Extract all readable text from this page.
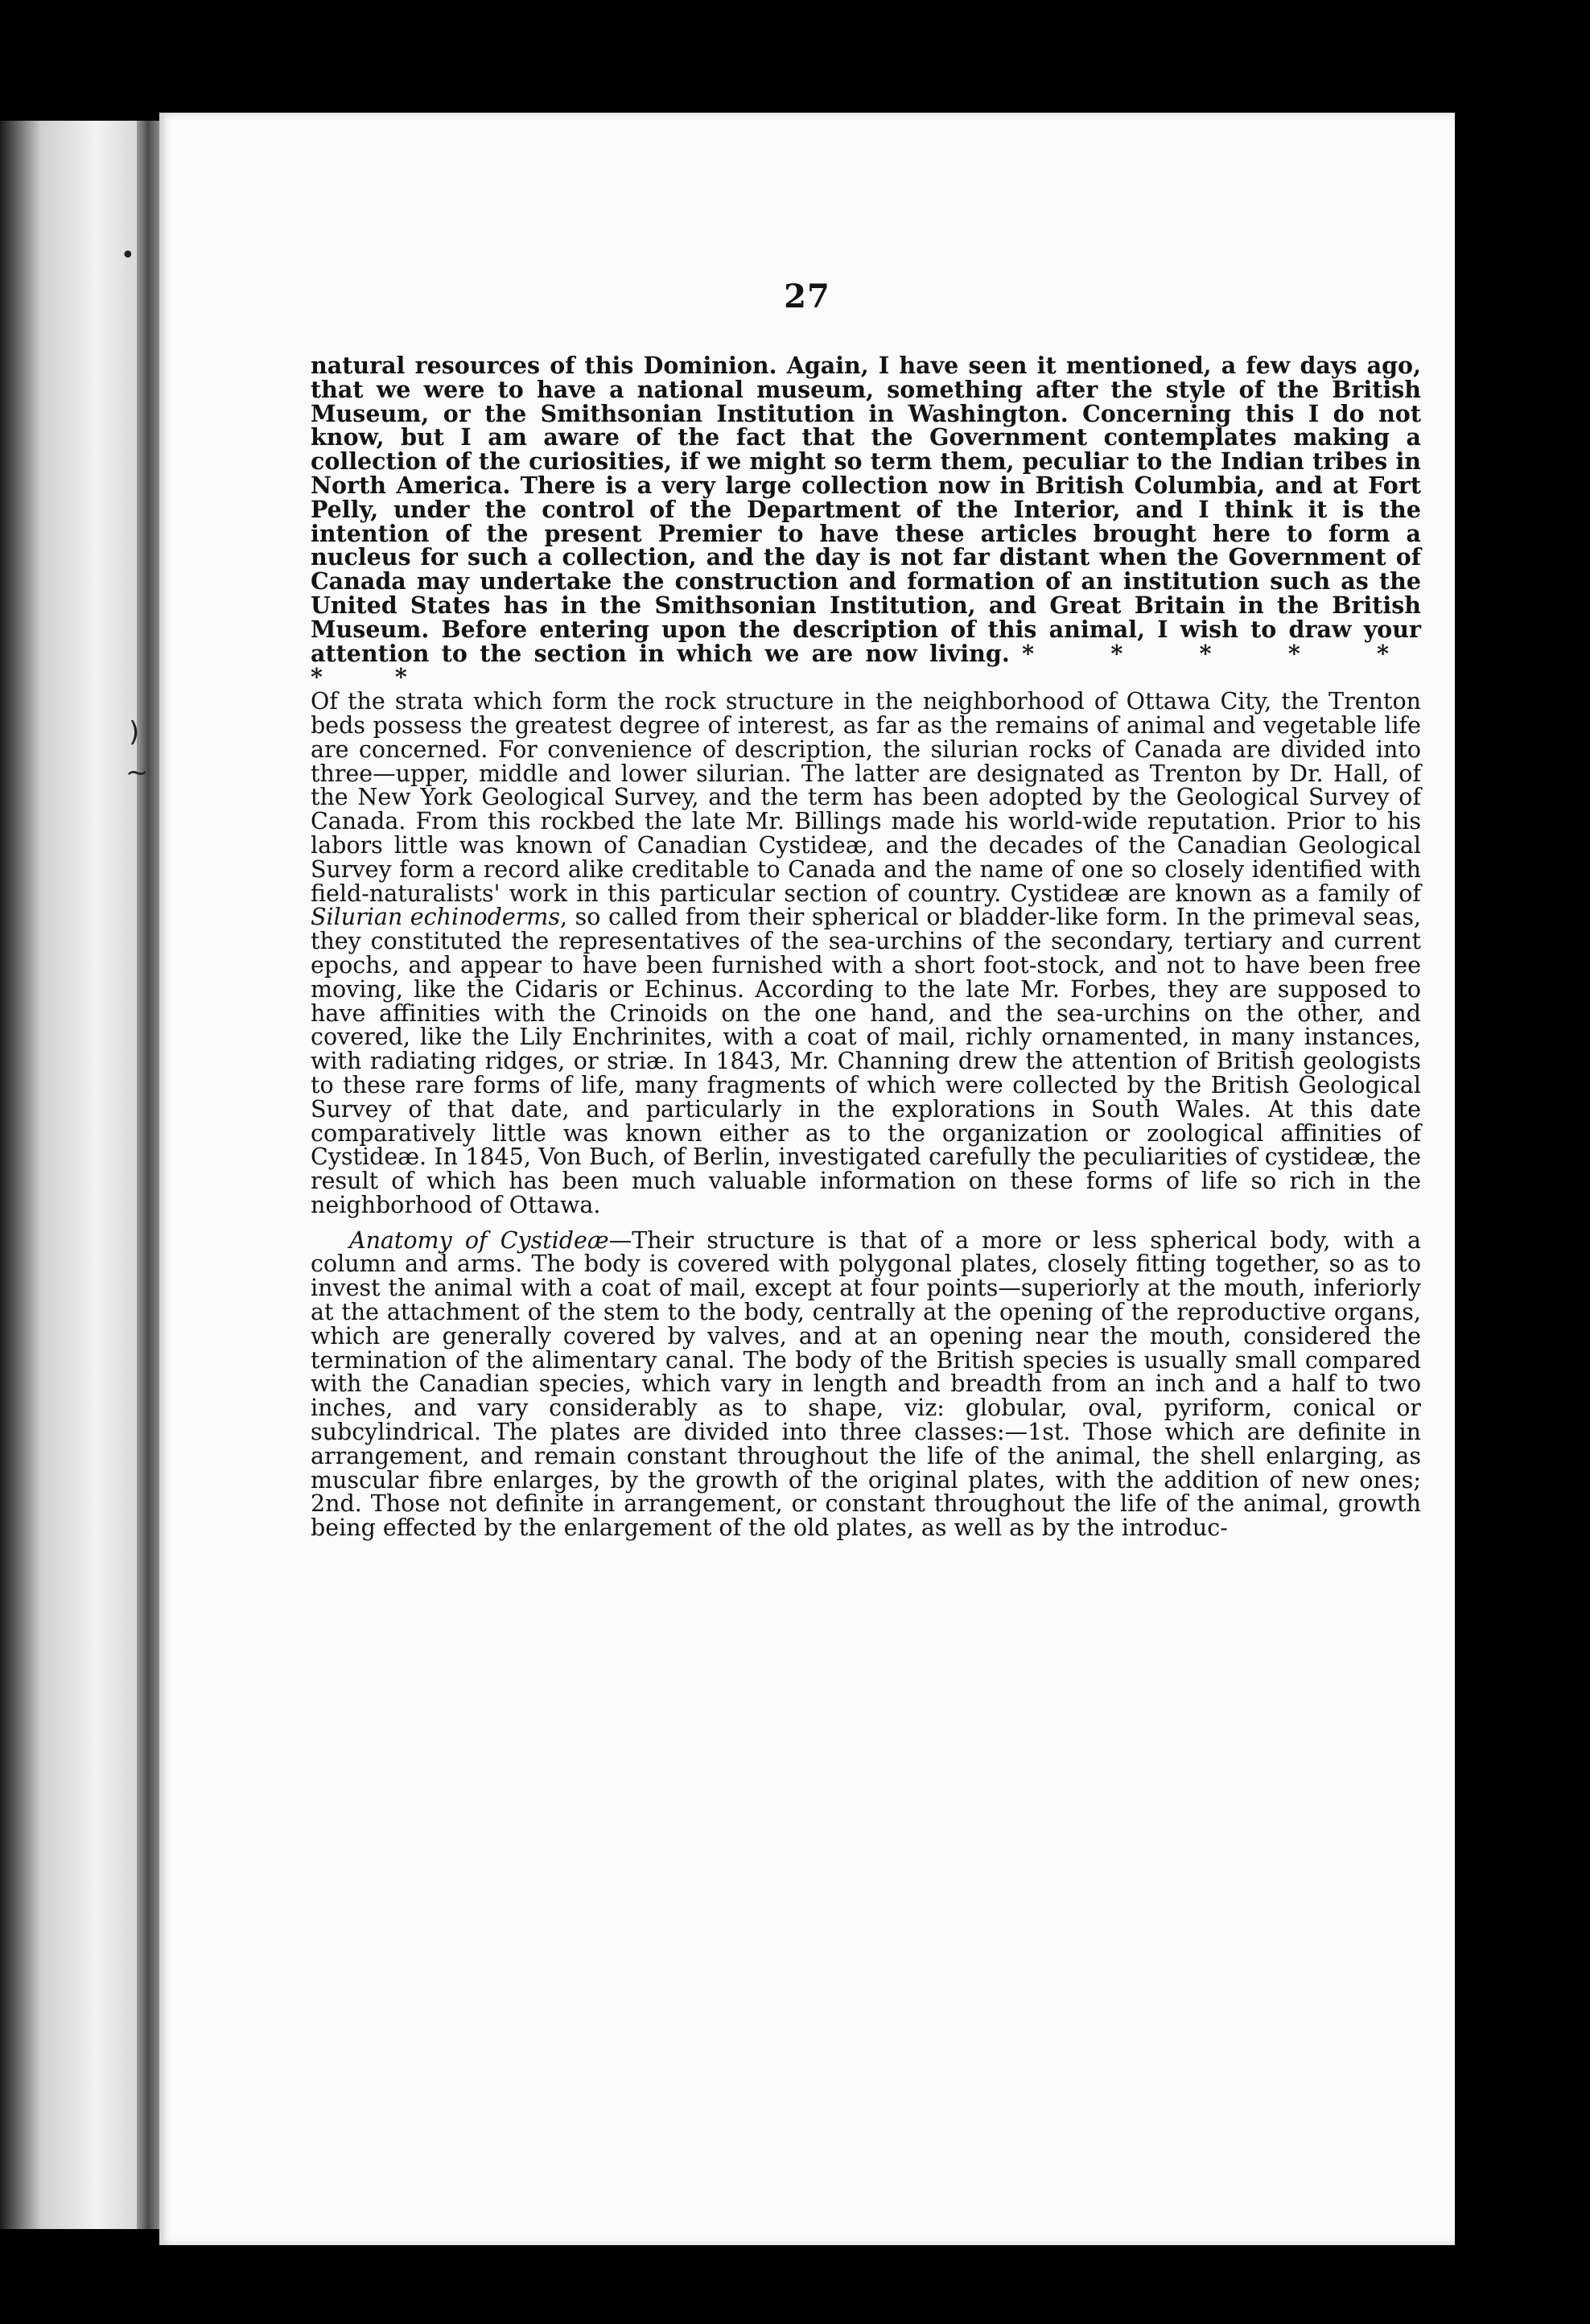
•
)
~
27

natural resources of this Dominion. Again, I have seen it mentioned, a few days ago, that we were to have a national museum, something after the style of the British Museum, or the Smithsonian Institution in Washington. Concerning this I do not know, but I am aware of the fact that the Government contemplates making a collection of the curiosities, if we might so term them, peculiar to the Indian tribes in North America. There is a very large collection now in British Columbia, and at Fort Pelly, under the control of the Department of the Interior, and I think it is the intention of the present Premier to have these articles brought here to form a nucleus for such a collection, and the day is not far distant when the Government of Canada may undertake the construction and formation of an institution such as the United States has in the Smithsonian Institution, and Great Britain in the British Museum. Before entering upon the description of this animal, I wish to draw your attention to the section in which we are now living. * * * * * * *

Of the strata which form the rock structure in the neighborhood of Ottawa City, the Trenton beds possess the greatest degree of interest, as far as the remains of animal and vegetable life are concerned. For convenience of description, the silurian rocks of Canada are divided into three—upper, middle and lower silurian. The latter are designated as Trenton by Dr. Hall, of the New York Geological Survey, and the term has been adopted by the Geological Survey of Canada. From this rockbed the late Mr. Billings made his world-wide reputation. Prior to his labors little was known of Canadian Cystideæ, and the decades of the Canadian Geological Survey form a record alike creditable to Canada and the name of one so closely identified with field-naturalists' work in this particular section of country. Cystideæ are known as a family of Silurian echinoderms, so called from their spherical or bladder-like form. In the primeval seas, they constituted the representatives of the sea-urchins of the secondary, tertiary and current epochs, and appear to have been furnished with a short foot-stock, and not to have been free moving, like the Cidaris or Echinus. According to the late Mr. Forbes, they are supposed to have affinities with the Crinoids on the one hand, and the sea-urchins on the other, and covered, like the Lily Enchrinites, with a coat of mail, richly ornamented, in many instances, with radiating ridges, or striæ. In 1843, Mr. Channing drew the attention of British geologists to these rare forms of life, many fragments of which were collected by the British Geological Survey of that date, and particularly in the explorations in South Wales. At this date comparatively little was known either as to the organization or zoological affinities of Cystideæ. In 1845, Von Buch, of Berlin, investigated carefully the peculiarities of cystideæ, the result of which has been much valuable information on these forms of life so rich in the neighborhood of Ottawa.

Anatomy of Cystideæ—Their structure is that of a more or less spherical body, with a column and arms. The body is covered with polygonal plates, closely fitting together, so as to invest the animal with a coat of mail, except at four points—superiorly at the mouth, inferiorly at the attachment of the stem to the body, centrally at the opening of the reproductive organs, which are generally covered by valves, and at an opening near the mouth, considered the termination of the alimentary canal. The body of the British species is usually small compared with the Canadian species, which vary in length and breadth from an inch and a half to two inches, and vary considerably as to shape, viz: globular, oval, pyriform, conical or subcylindrical. The plates are divided into three classes:—1st. Those which are definite in arrangement, and remain constant throughout the life of the animal, the shell enlarging, as muscular fibre enlarges, by the growth of the original plates, with the addition of new ones; 2nd. Those not definite in arrangement, or constant throughout the life of the animal, growth being effected by the enlargement of the old plates, as well as by the introduc-
